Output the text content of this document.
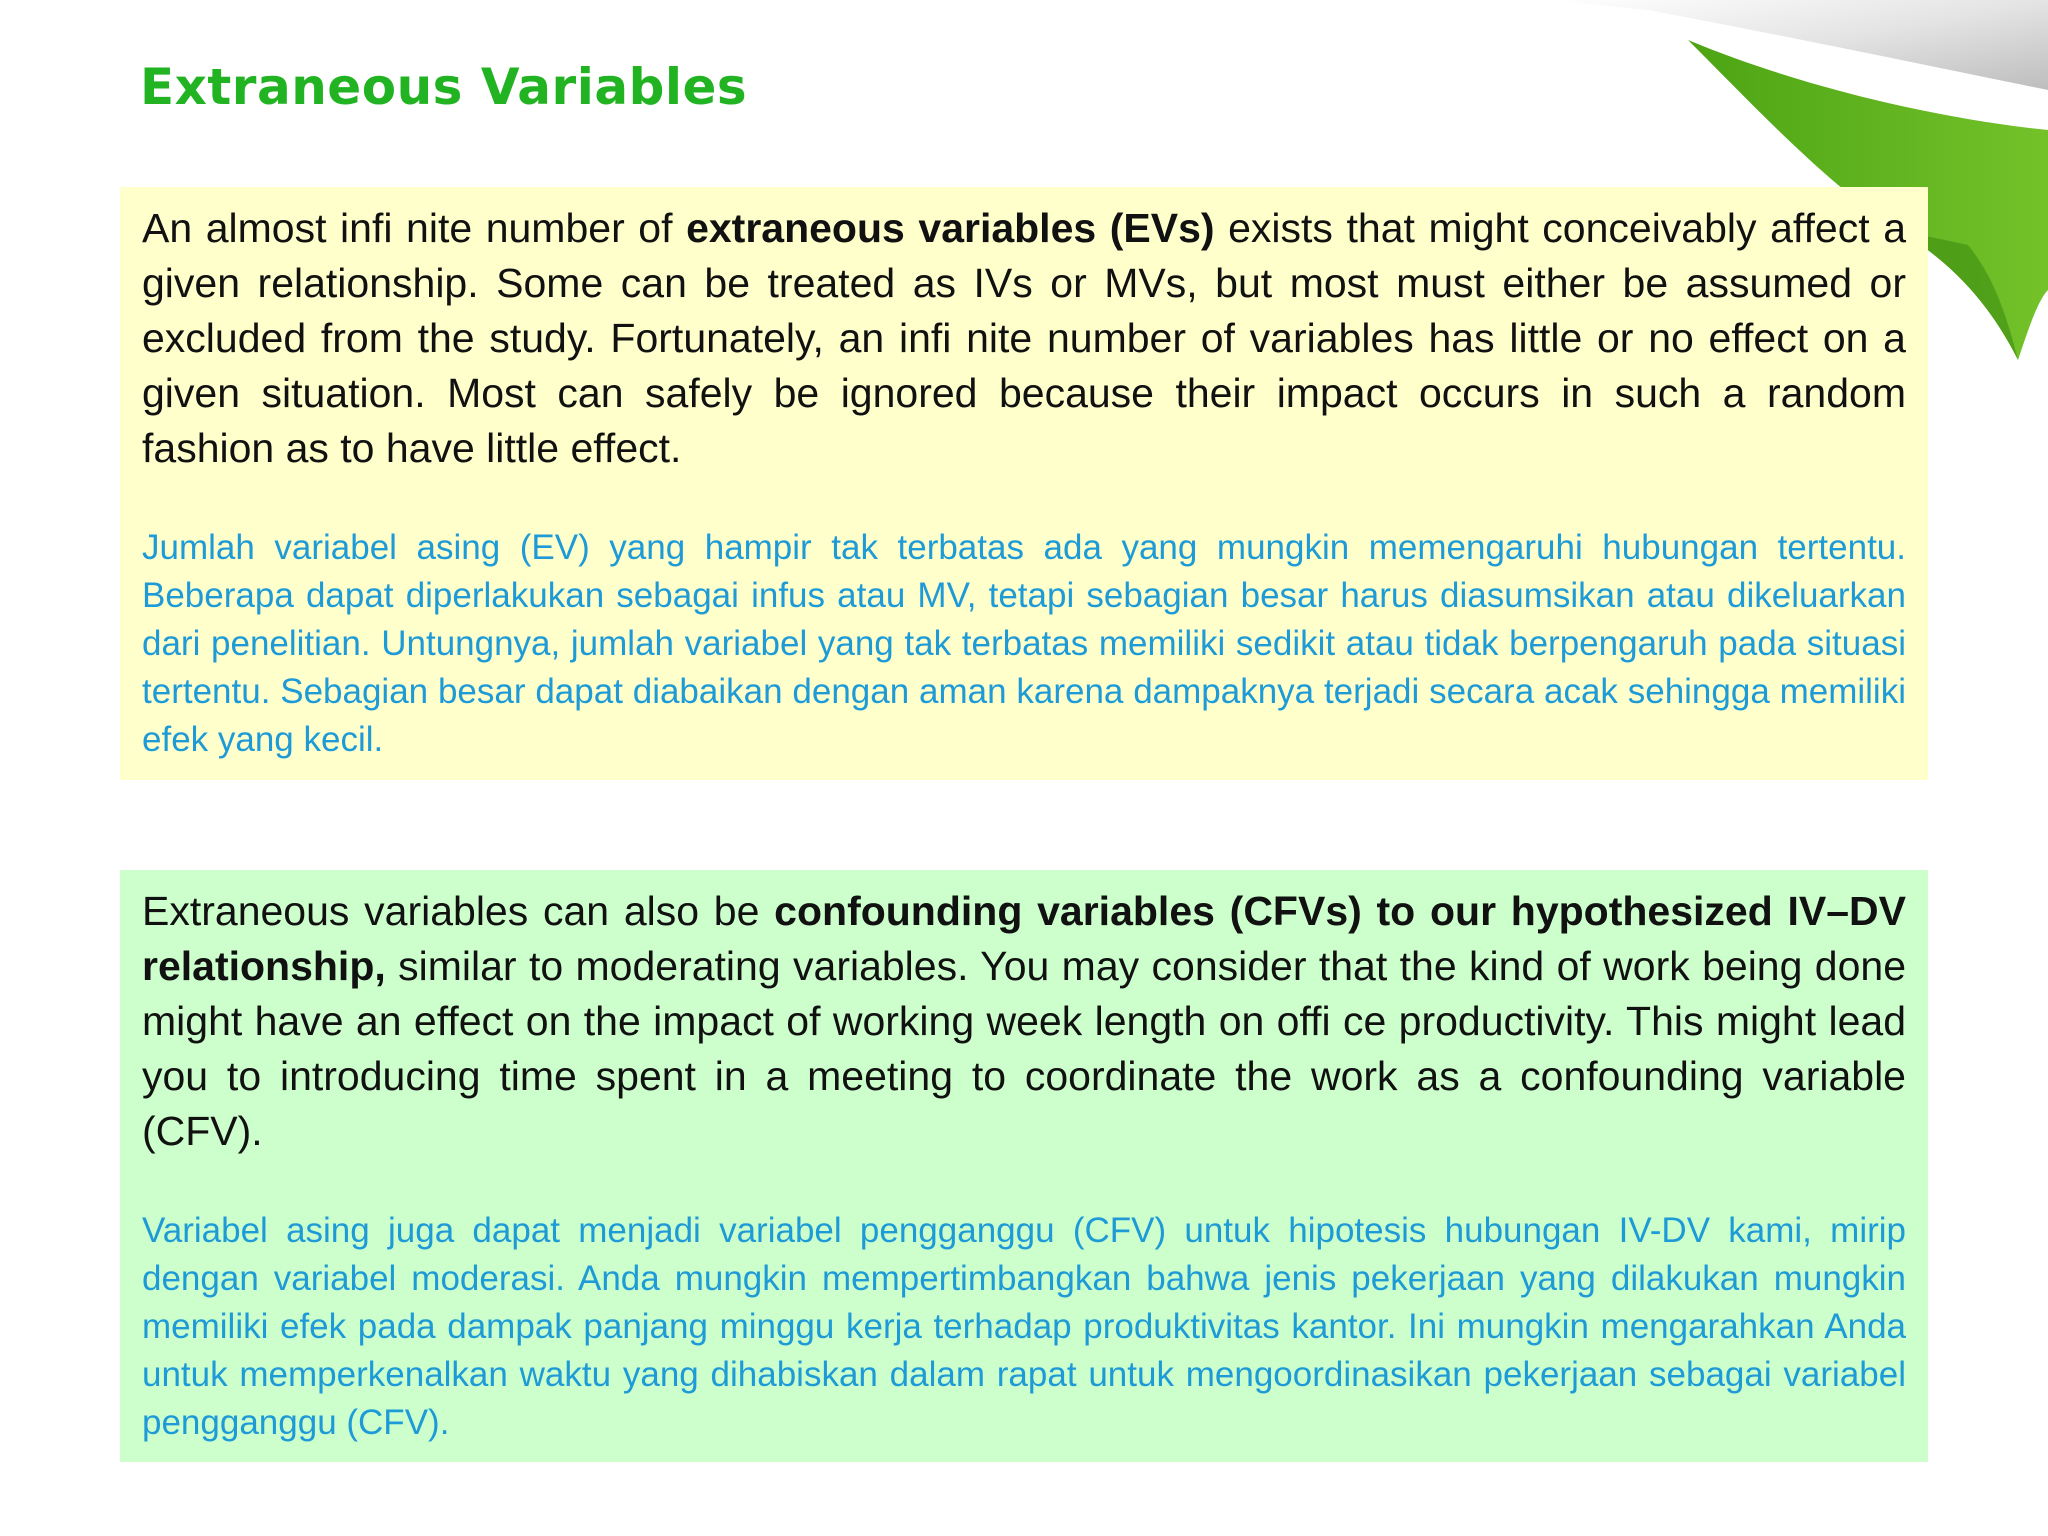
Extraneous Variables

An almost infi nite number of extraneous variables (EVs) exists that might conceivably affect a given relationship. Some can be treated as IVs or MVs, but most must either be assumed or excluded from the study. Fortunately, an infi nite number of variables has little or no effect on a given situation. Most can safely be ignored because their impact occurs in such a random fashion as to have little effect.

Jumlah variabel asing (EV) yang hampir tak terbatas ada yang mungkin memengaruhi hubungan tertentu. Beberapa dapat diperlakukan sebagai infus atau MV, tetapi sebagian besar harus diasumsikan atau dikeluarkan dari penelitian. Untungnya, jumlah variabel yang tak terbatas memiliki sedikit atau tidak berpengaruh pada situasi tertentu. Sebagian besar dapat diabaikan dengan aman karena dampaknya terjadi secara acak sehingga memiliki efek yang kecil.

Extraneous variables can also be confounding variables (CFVs) to our hypothesized IV–DV relationship, similar to moderating variables. You may consider that the kind of work being done might have an effect on the impact of working week length on offi ce productivity. This might lead you to introducing time spent in a meeting to coordinate the work as a confounding variable (CFV).

Variabel asing juga dapat menjadi variabel pengganggu (CFV) untuk hipotesis hubungan IV-DV kami, mirip dengan variabel moderasi. Anda mungkin mempertimbangkan bahwa jenis pekerjaan yang dilakukan mungkin memiliki efek pada dampak panjang minggu kerja terhadap produktivitas kantor. Ini mungkin mengarahkan Anda untuk memperkenalkan waktu yang dihabiskan dalam rapat untuk mengoordinasikan pekerjaan sebagai variabel pengganggu (CFV).
